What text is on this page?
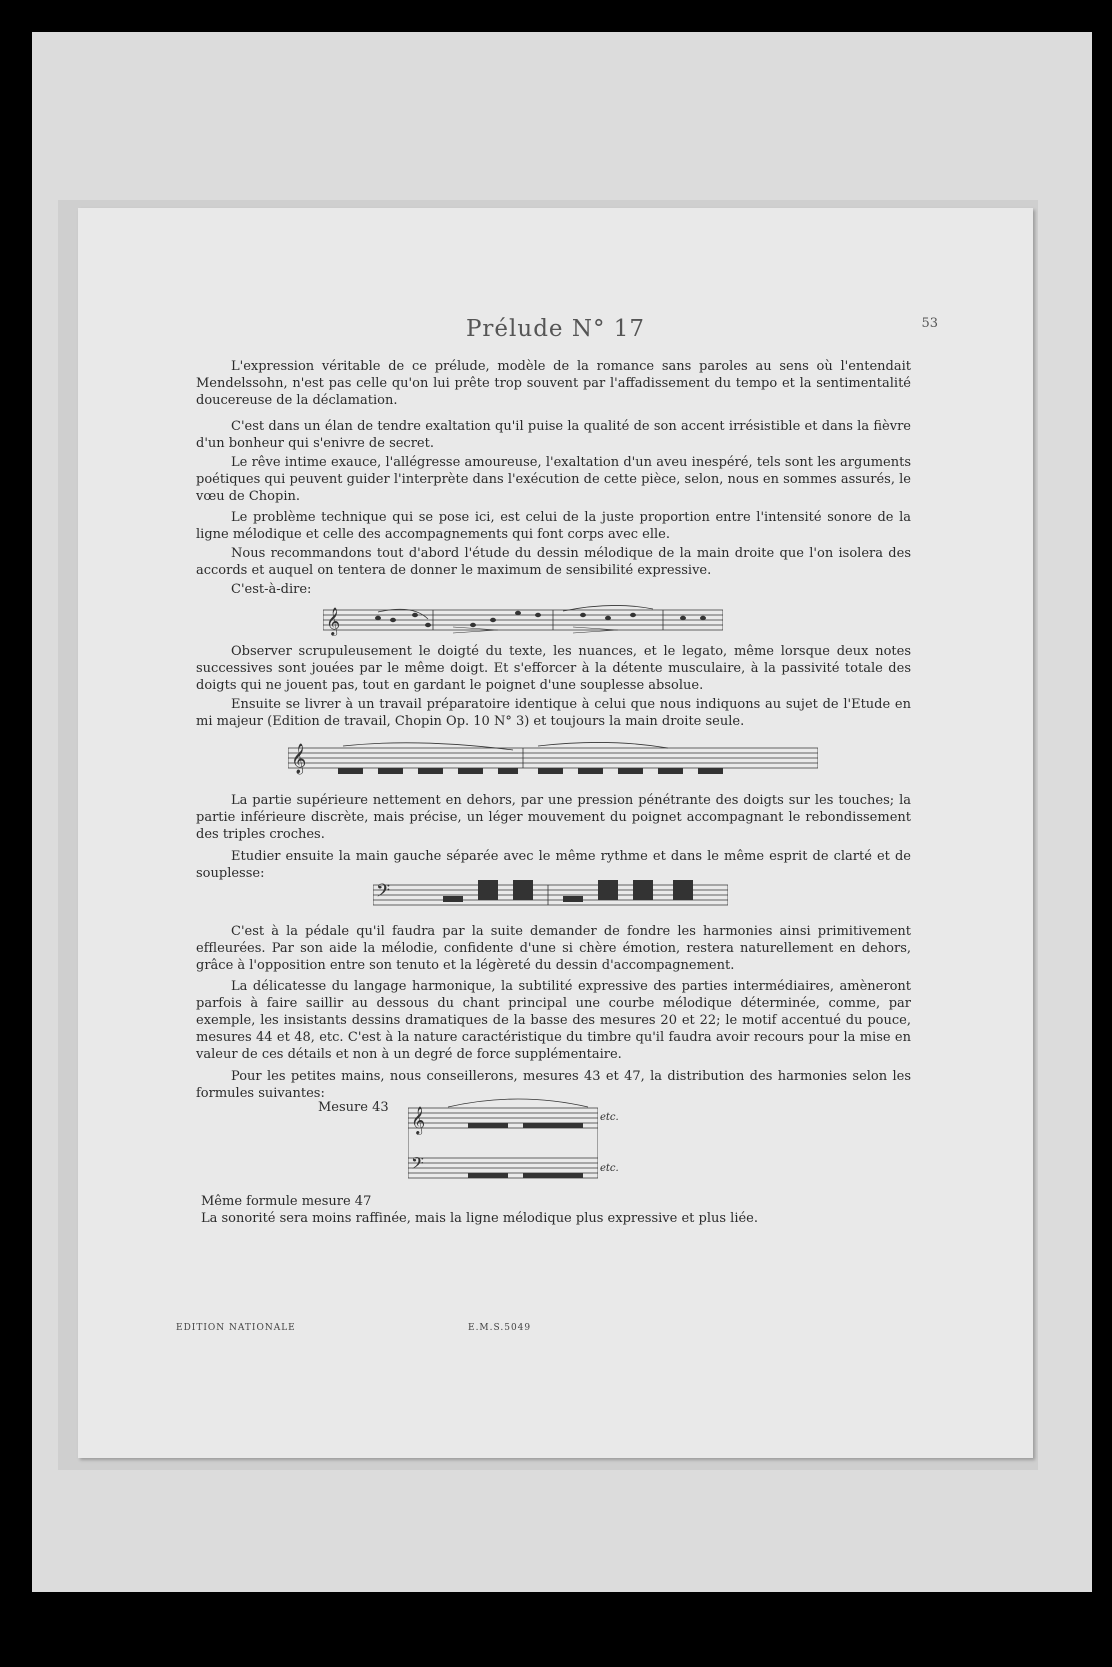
Prélude N° 17	53

L'expression véritable de ce prélude, modèle de la romance sans paroles au sens où l'entendait Mendelssohn, n'est pas celle qu'on lui prête trop souvent par l'affadissement du tempo et la sentimentalité doucereuse de la déclamation.

C'est dans un élan de tendre exaltation qu'il puise la qualité de son accent irrésistible et dans la fièvre d'un bonheur qui s'enivre de secret.

Le rêve intime exauce, l'allégresse amoureuse, l'exaltation d'un aveu inespéré, tels sont les arguments poétiques qui peuvent guider l'interprète dans l'exécution de cette pièce, selon, nous en sommes assurés, le vœu de Chopin.

Le problème technique qui se pose ici, est celui de la juste proportion entre l'intensité sonore de la ligne mélodique et celle des accompagnements qui font corps avec elle.

Nous recommandons tout d'abord l'étude du dessin mélodique de la main droite que l'on isolera des accords et auquel on tentera de donner le maximum de sensibilité expressive.

C'est-à-dire:

𝄞

Observer scrupuleusement le doigté du texte, les nuances, et le legato, même lorsque deux notes successives sont jouées par le même doigt. Et s'efforcer à la détente musculaire, à la passivité totale des doigts qui ne jouent pas, tout en gardant le poignet d'une souplesse absolue.

Ensuite se livrer à un travail préparatoire identique à celui que nous indiquons au sujet de l'Etude en mi majeur (Edition de travail, Chopin Op. 10 N° 3) et toujours la main droite seule.

𝄞

La partie supérieure nettement en dehors, par une pression pénétrante des doigts sur les touches; la partie inférieure discrète, mais précise, un léger mouvement du poignet accompagnant le rebondissement des triples croches.

Etudier ensuite la main gauche séparée avec le même rythme et dans le même esprit de clarté et de souplesse:

𝄢

C'est à la pédale qu'il faudra par la suite demander de fondre les harmonies ainsi primitivement effleurées. Par son aide la mélodie, confidente d'une si chère émotion, restera naturellement en dehors, grâce à l'opposition entre son tenuto et la légèreté du dessin d'accompagnement.

La délicatesse du langage harmonique, la subtilité expressive des parties intermédiaires, amèneront parfois à faire saillir au dessous du chant principal une courbe mélodique déterminée, comme, par exemple, les insistants dessins dramatiques de la basse des mesures 20 et 22; le motif accentué du pouce, mesures 44 et 48, etc. C'est à la nature caractéristique du timbre qu'il faudra avoir recours pour la mise en valeur de ces détails et non à un degré de force supplémentaire.

Pour les petites mains, nous conseillerons, mesures 43 et 47, la distribution des harmonies selon les formules suivantes:

Mesure 43 𝄞
𝄢
etc.
etc.

Même formule mesure 47

La sonorité sera moins raffinée, mais la ligne mélodique plus expressive et plus liée.

EDITION NATIONALE	E.M.S.5049
